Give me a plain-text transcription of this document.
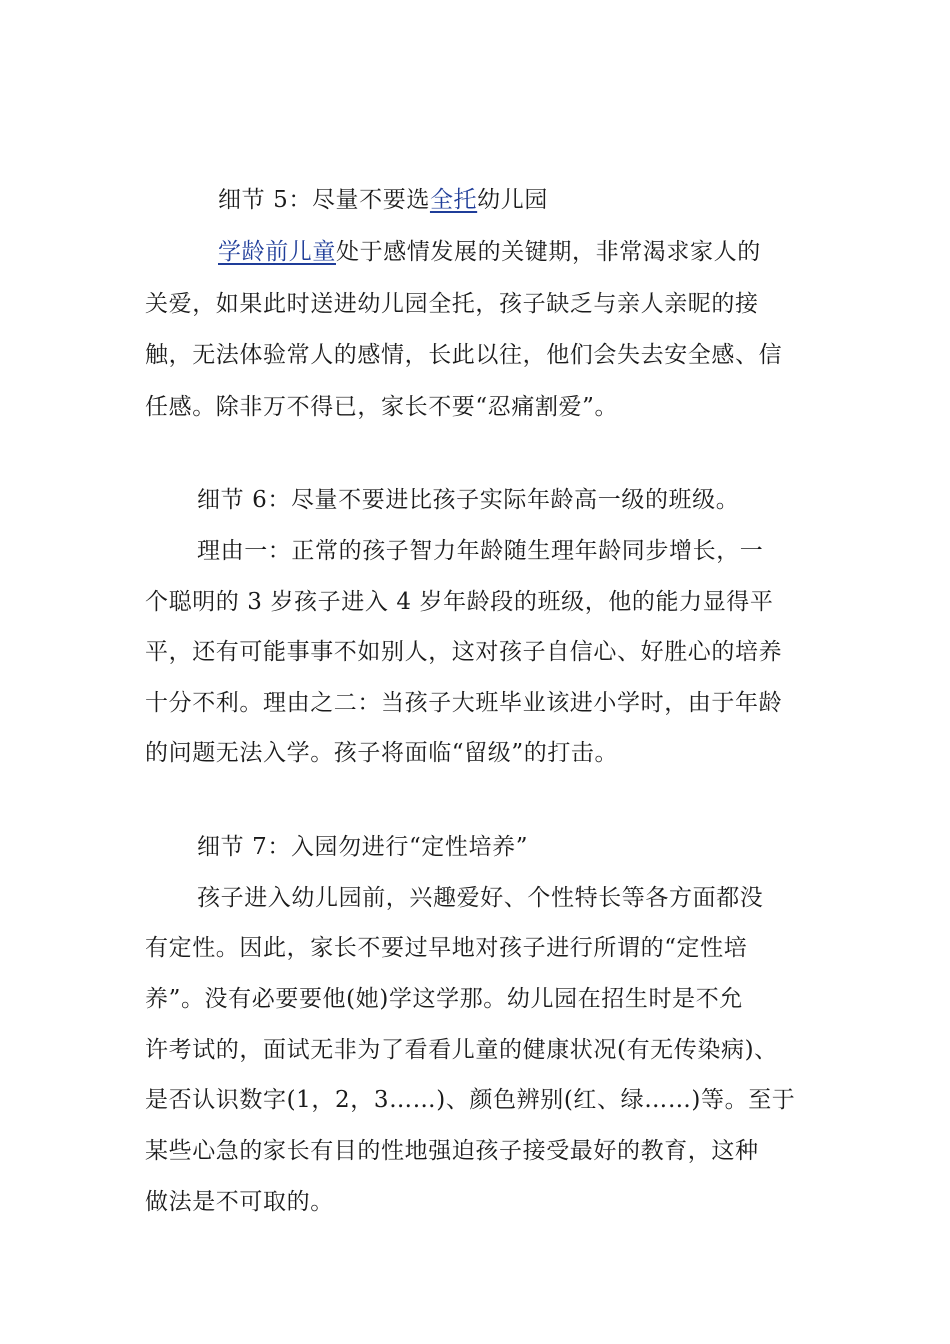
细节 5：尽量不要选全托幼儿园
学龄前儿童处于感情发展的关键期，非常渴求家人的
关爱，如果此时送进幼儿园全托，孩子缺乏与亲人亲昵的接
触，无法体验常人的感情，长此以往，他们会失去安全感、信
任感。除非万不得已，家长不要“忍痛割爱”。
细节 6：尽量不要进比孩子实际年龄高一级的班级。
理由一：正常的孩子智力年龄随生理年龄同步增长，一
个聪明的 3 岁孩子进入 4 岁年龄段的班级，他的能力显得平
平，还有可能事事不如别人，这对孩子自信心、好胜心的培养
十分不利。理由之二：当孩子大班毕业该进小学时，由于年龄
的问题无法入学。孩子将面临“留级”的打击。
细节 7：入园勿进行“定性培养”
孩子进入幼儿园前，兴趣爱好、个性特长等各方面都没
有定性。因此，家长不要过早地对孩子进行所谓的“定性培
养”。没有必要要他(她)学这学那。幼儿园在招生时是不允
许考试的，面试无非为了看看儿童的健康状况(有无传染病)、
是否认识数字(1，2，3……)、颜色辨别(红、绿……)等。至于
某些心急的家长有目的性地强迫孩子接受最好的教育，这种
做法是不可取的。
